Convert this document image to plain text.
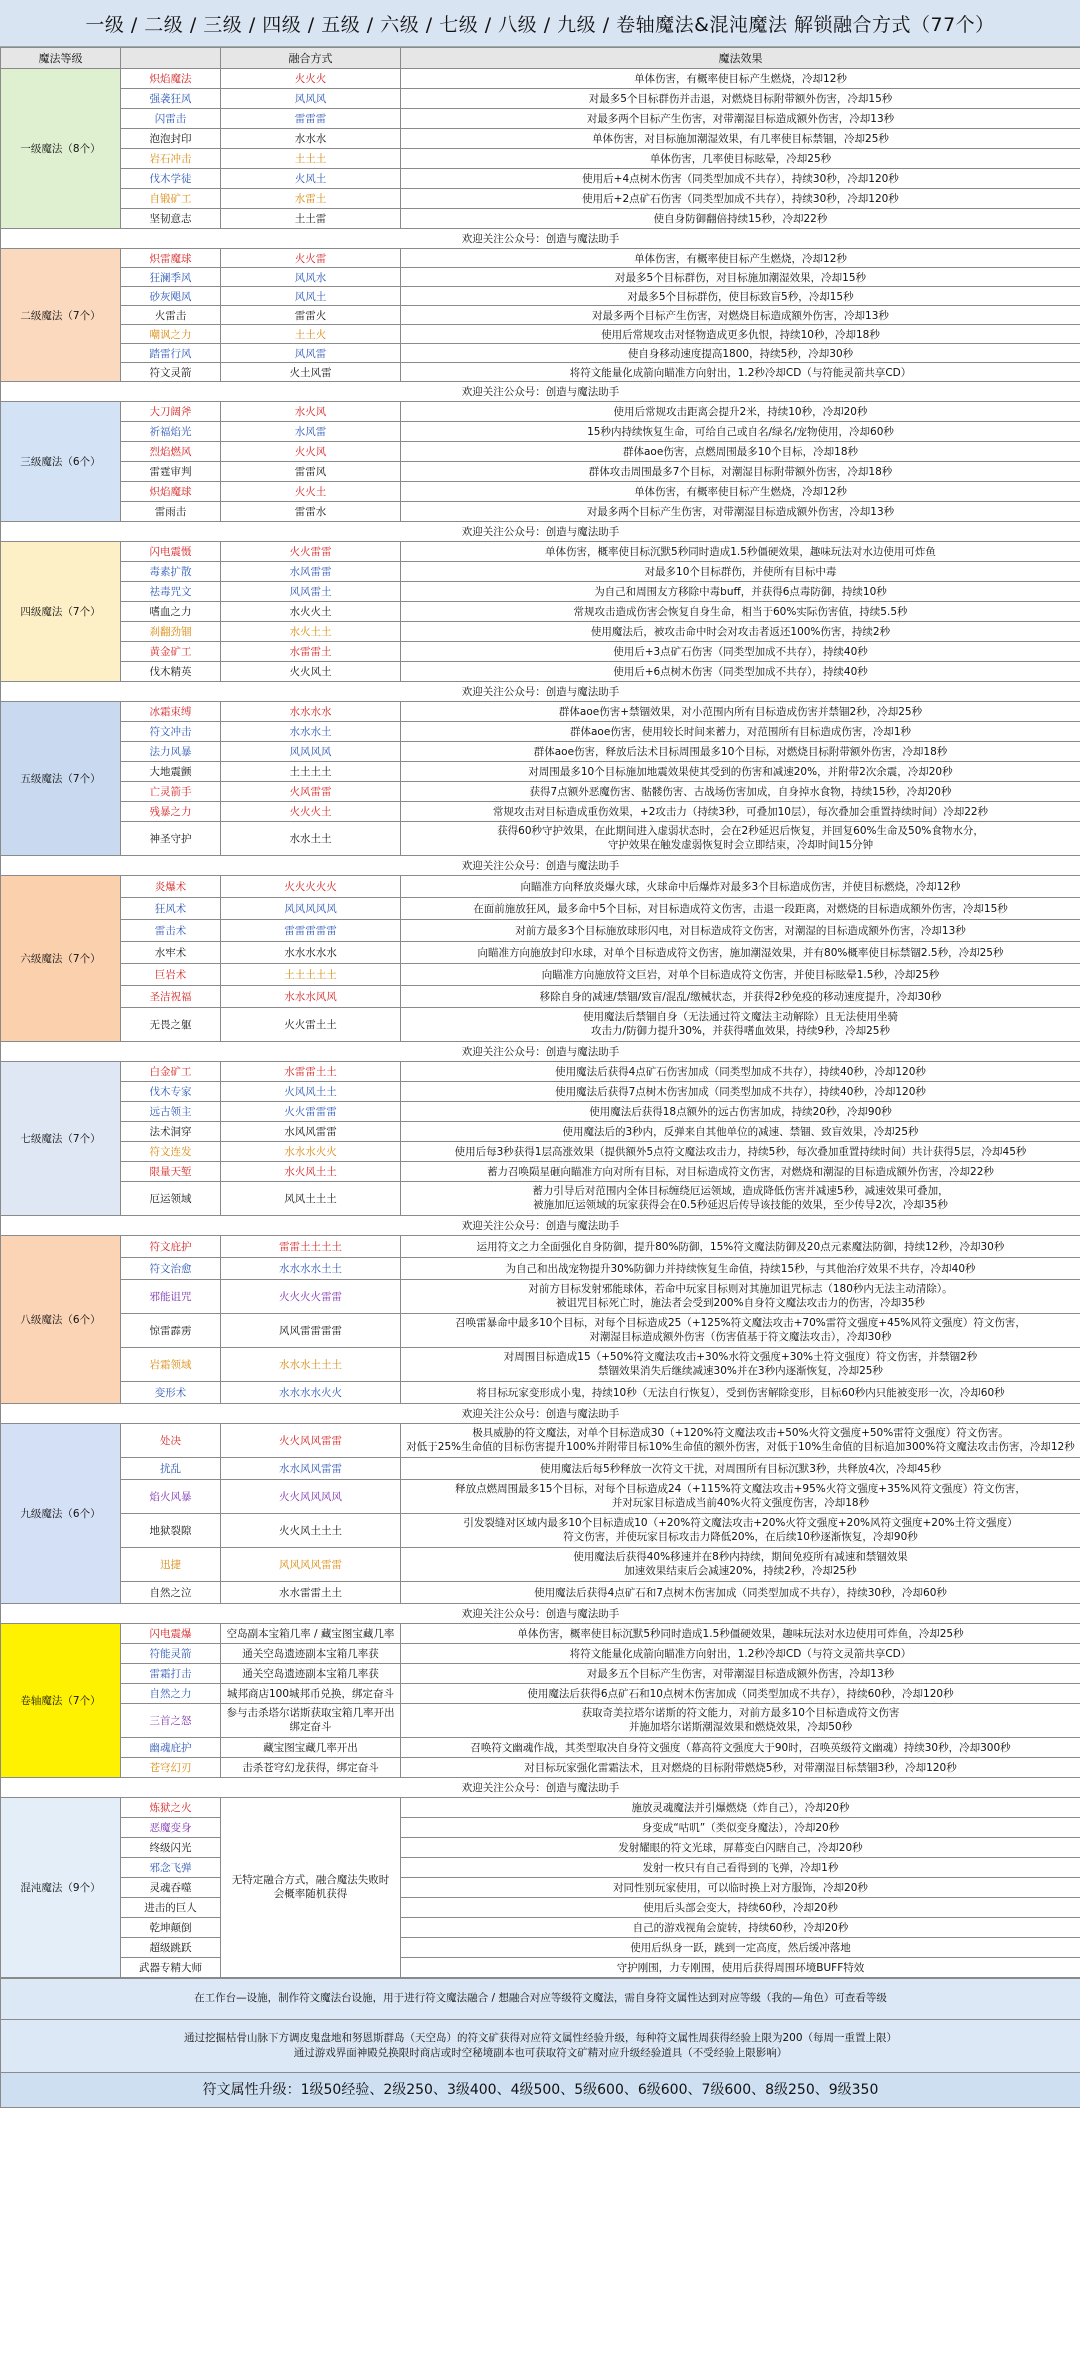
一级 / 二级 / 三级 / 四级 / 五级 / 六级 / 七级 / 八级 / 九级 / 卷轴魔法&混沌魔法 解锁融合方式（77个）
魔法等级		融合方式	魔法效果
一级魔法（8个）	炽焰魔法	火火火	单体伤害，有概率使目标产生燃烧，冷却12秒
	强袭狂风	风风风	对最多5个目标群伤并击退，对燃烧目标附带额外伤害，冷却15秒
	闪雷击	雷雷雷	对最多两个目标产生伤害，对带潮湿目标造成额外伤害，冷却13秒
	泡泡封印	水水水	单体伤害，对目标施加潮湿效果，有几率使目标禁锢，冷却25秒
	岩石冲击	土土土	单体伤害，几率使目标眩晕，冷却25秒
	伐木学徒	火风土	使用后+4点树木伤害（同类型加成不共存），持续30秒，冷却120秒
	自锻矿工	水雷土	使用后+2点矿石伤害（同类型加成不共存），持续30秒，冷却120秒
	坚韧意志	土土雷	使自身防御翻倍持续15秒，冷却22秒
欢迎关注公众号：创造与魔法助手			
二级魔法（7个）	炽雷魔球	火火雷	单体伤害，有概率使目标产生燃烧，冷却12秒
	狂澜季风	风风水	对最多5个目标群伤，对目标施加潮湿效果，冷却15秒
	砂灰飓风	风风土	对最多5个目标群伤，使目标致盲5秒，冷却15秒
	火雷击	雷雷火	对最多两个目标产生伤害，对燃烧目标造成额外伤害，冷却13秒
	嘲讽之力	土土火	使用后常规攻击对怪物造成更多仇恨，持续10秒，冷却18秒
	踏雷行风	风风雷	使自身移动速度提高1800，持续5秒，冷却30秒
	符文灵箭	火土风雷	将符文能量化成箭向瞄准方向射出，1.2秒冷却CD（与符能灵箭共享CD）
欢迎关注公众号：创造与魔法助手			
三级魔法（6个）	大刀阔斧	水火风	使用后常规攻击距离会提升2米，持续10秒，冷却20秒
	祈福焰光	水风雷	15秒内持续恢复生命，可给自己或自名/绿名/宠物使用，冷却60秒
	烈焰燃风	火火风	群体aoe伤害，点燃周围最多10个目标，冷却18秒
	雷霆审判	雷雷风	群体攻击周围最多7个目标，对潮湿目标附带额外伤害，冷却18秒
	炽焰魔球	火火土	单体伤害，有概率使目标产生燃烧，冷却12秒
	雷雨击	雷雷水	对最多两个目标产生伤害，对带潮湿目标造成额外伤害，冷却13秒
欢迎关注公众号：创造与魔法助手			
四级魔法（7个）	闪电震慑	火火雷雷	单体伤害，概率使目标沉默5秒同时造成1.5秒僵硬效果，趣味玩法对水边使用可炸鱼
	毒素扩散	水风雷雷	对最多10个目标群伤，并使所有目标中毒
	祛毒咒文	风风雷土	为自己和周围友方移除中毒buff，并获得6点毒防御，持续10秒
	嗜血之力	水火火土	常规攻击造成伤害会恢复自身生命，相当于60%实际伤害值，持续5.5秒
	刹翻劲锢	水火土土	使用魔法后，被攻击命中时会对攻击者返还100%伤害，持续2秒
	黄金矿工	水雷雷土	使用后+3点矿石伤害（同类型加成不共存），持续40秒
	伐木精英	火火风土	使用后+6点树木伤害（同类型加成不共存），持续40秒
欢迎关注公众号：创造与魔法助手			
五级魔法（7个）	冰霜束缚	水水水水	群体aoe伤害+禁锢效果，对小范围内所有目标造成伤害并禁锢2秒，冷却25秒
	符文冲击	水水水土	群体aoe伤害，使用较长时间来蓄力，对范围所有目标造成伤害，冷却1秒
	法力风暴	风风风风	群体aoe伤害，释放后法术目标周围最多10个目标，对燃烧目标附带额外伤害，冷却18秒
	大地震颤	土土土土	对周围最多10个目标施加地震效果使其受到的伤害和减速20%，并附带2次余震，冷却20秒
	亡灵箭手	火风雷雷	获得7点额外恶魔伤害、骷髅伤害、古战场伤害加成，自身掉水食物，持续15秒，冷却20秒
	残暴之力	火火火土	常规攻击对目标造成重伤效果，+2攻击力（持续3秒，可叠加10层），每次叠加会重置持续时间）冷却22秒
	神圣守护	水水土土	获得60秒守护效果，在此期间进入虚弱状态时，会在2秒延迟后恢复，并回复60%生命及50%食物水分，
守护效果在触发虚弱恢复时会立即结束，冷却时间15分钟
欢迎关注公众号：创造与魔法助手			
六级魔法（7个）	炎爆术	火火火火火	向瞄准方向释放炎爆火球，火球命中后爆炸对最多3个目标造成伤害，并使目标燃烧，冷却12秒
	狂风术	风风风风风	在面前施放狂风，最多命中5个目标，对目标造成符文伤害，击退一段距离，对燃烧的目标造成额外伤害，冷却15秒
	雷击术	雷雷雷雷雷	对前方最多3个目标施放球形闪电，对目标造成符文伤害，对潮湿的目标造成额外伤害，冷却13秒
	水牢术	水水水水水	向瞄准方向施放封印水球，对单个目标造成符文伤害，施加潮湿效果，并有80%概率使目标禁锢2.5秒，冷却25秒
	巨岩术	土土土土土	向瞄准方向施放符文巨岩，对单个目标造成符文伤害，并使目标眩晕1.5秒，冷却25秒
	圣洁祝福	水水水风风	移除自身的减速/禁锢/致盲/混乱/缴械状态，并获得2秒免疫的移动速度提升，冷却30秒
	无畏之躯	火火雷土土	使用魔法后禁锢自身（无法通过符文魔法主动解除）且无法使用坐骑
攻击力/防御力提升30%，并获得嗜血效果，持续9秒，冷却25秒
欢迎关注公众号：创造与魔法助手			
七级魔法（7个）	白金矿工	水雷雷土土	使用魔法后获得4点矿石伤害加成（同类型加成不共存），持续40秒，冷却120秒
	伐木专家	火风风土土	使用魔法后获得7点树木伤害加成（同类型加成不共存），持续40秒，冷却120秒
	远古领主	火火雷雷雷	使用魔法后获得18点额外的远古伤害加成，持续20秒，冷却90秒
	法术洞穿	水风风雷雷	使用魔法后的3秒内，反弹来自其他单位的减速、禁锢、致盲效果，冷却25秒
	符文连发	水水水火火	使用后每3秒获得1层高涨效果（提供额外5点符文魔法攻击力，持续5秒，每次叠加重置持续时间）共计获得5层，冷却45秒
	限量天堑	水火风土土	蓄力召唤陨星砸向瞄准方向对所有目标，对目标造成符文伤害，对燃烧和潮湿的目标造成额外伤害，冷却22秒
	厄运领域	风风土土土	蓄力引导后对范围内全体目标缠绕厄运领域，造成降低伤害并减速5秒，减速效果可叠加，
被施加厄运领域的玩家获得会在0.5秒延迟后传导该技能的效果，至少传导2次，冷却35秒
欢迎关注公众号：创造与魔法助手			
八级魔法（6个）	符文庇护	雷雷土土土土	运用符文之力全面强化自身防御，提升80%防御，15%符文魔法防御及20点元素魔法防御，持续12秒，冷却30秒
	符文治愈	水水水水土土	为自己和出战宠物提升30%防御力并持续恢复生命值，持续15秒，与其他治疗效果不共存，冷却40秒
	邪能诅咒	火火火火雷雷	对前方目标发射邪能球体，若命中玩家目标则对其施加诅咒标志（180秒内无法主动清除）。
被诅咒目标死亡时，施法者会受到200%自身符文魔法攻击力的伤害，冷却35秒
	惊雷霹雳	风风雷雷雷雷	召唤雷暴命中最多10个目标，对每个目标造成25（+125%符文魔法攻击+70%雷符文强度+45%风符文强度）符文伤害，
对潮湿目标造成额外伤害（伤害值基于符文魔法攻击），冷却30秒
	岩霜领域	水水水土土土	对周围目标造成15（+50%符文魔法攻击+30%水符文强度+30%土符文强度）符文伤害，并禁锢2秒
禁锢效果消失后继续减速30%并在3秒内逐渐恢复，冷却25秒
	变形术	水水水水火火	将目标玩家变形成小鬼，持续10秒（无法自行恢复），受到伤害解除变形，目标60秒内只能被变形一次，冷却60秒
欢迎关注公众号：创造与魔法助手			
九级魔法（6个）	处决	火火风风雷雷	极具威胁的符文魔法，对单个目标造成30（+120%符文魔法攻击+50%火符文强度+50%雷符文强度）符文伤害。
对低于25%生命值的目标伤害提升100%并附带目标10%生命值的额外伤害，对低于10%生命值的目标追加300%符文魔法攻击伤害，冷却12秒
	扰乱	水水风风雷雷	使用魔法后每5秒释放一次符文干扰，对周围所有目标沉默3秒，共释放4次，冷却45秒
	焰火风暴	火火风风风风	释放点燃周围最多15个目标，对每个目标造成24（+115%符文魔法攻击+95%火符文强度+35%风符文强度）符文伤害，
并对玩家目标造成当前40%火符文强度伤害，冷却18秒
	地狱裂隙	火火风土土土	引发裂缝对区域内最多10个目标造成10（+20%符文魔法攻击+20%火符文强度+20%风符文强度+20%土符文强度）
符文伤害，并使玩家目标攻击力降低20%，在后续10秒逐渐恢复，冷却90秒
	迅捷	风风风风雷雷	使用魔法后获得40%移速并在8秒内持续，期间免疫所有减速和禁锢效果
加速效果结束后会减速20%，持续2秒，冷却25秒
	自然之泣	水水雷雷土土	使用魔法后获得4点矿石和7点树木伤害加成（同类型加成不共存），持续30秒，冷却60秒
欢迎关注公众号：创造与魔法助手			
卷轴魔法（7个）	闪电震爆	空岛副本宝箱几率 / 藏宝图宝藏几率	单体伤害，概率使目标沉默5秒同时造成1.5秒僵硬效果，趣味玩法对水边使用可炸鱼，冷却25秒
	符能灵箭	通关空岛遗迹副本宝箱几率获	将符文能量化成箭向瞄准方向射出，1.2秒冷却CD（与符文灵箭共享CD）
	雷霜打击	通关空岛遗迹副本宝箱几率获	对最多五个目标产生伤害，对带潮湿目标造成额外伤害，冷却13秒
	自然之力	城邦商店100城邦币兑换，绑定奋斗	使用魔法后获得6点矿石和10点树木伤害加成（同类型加成不共存），持续60秒，冷却120秒
	三首之怒	参与击杀塔尔诺斯获取宝箱几率开出
绑定奋斗	获取奇美拉塔尔诺斯的符文能力，对前方最多10个目标造成符文伤害
并施加塔尔诺斯潮湿效果和燃烧效果，冷却50秒
	幽魂庇护	藏宝图宝藏几率开出	召唤符文幽魂作战，其类型取决自身符文强度（幕高符文强度大于90时，召唤英级符文幽魂）持续30秒，冷却300秒
	苍穹幻刃	击杀苍穹幻龙获得，绑定奋斗	对目标玩家强化雷霜法术，且对燃烧的目标附带燃烧5秒，对带潮湿目标禁锢3秒，冷却120秒
欢迎关注公众号：创造与魔法助手			
混沌魔法（9个）	炼狱之火	无特定融合方式，融合魔法失败时
会概率随机获得	施放灵魂魔法并引爆燃烧（炸自己），冷却20秒
	恶魔变身		身变成“咕叽”（类似变身魔法），冷却20秒
	终级闪光		发射耀眼的符文光球，屏幕变白闪瞎自己，冷却20秒
	邪念飞弹		发射一枚只有自己看得到的飞弹，冷却1秒
	灵魂吞噬		对同性别玩家使用，可以临时换上对方服饰，冷却20秒
	进击的巨人		使用后头部会变大，持续60秒，冷却20秒
	乾坤颠倒		自己的游戏视角会旋转，持续60秒，冷却20秒
	超级跳跃		使用后纵身一跃，跳到一定高度，然后缓冲落地
	武器专精大师		守护刚围，力专刚围，使用后获得周围环境BUFF特效
在工作台—设施，制作符文魔法台设施，用于进行符文魔法融合 / 想融合对应等级符文魔法，需自身符文属性达到对应等级（我的—角色）可查看等级
通过挖掘枯骨山脉下方调皮鬼盘地和努恩斯群岛（天空岛）的符文矿获得对应符文属性经验升级，每种符文属性周获得经验上限为200（每周一重置上限）
通过游戏界面神殿兑换限时商店或时空秘境副本也可获取符文矿精对应升级经验道具（不受经验上限影响）
符文属性升级：1级50经验、2级250、3级400、4级500、5级600、6级600、7级600、8级250、9级350
